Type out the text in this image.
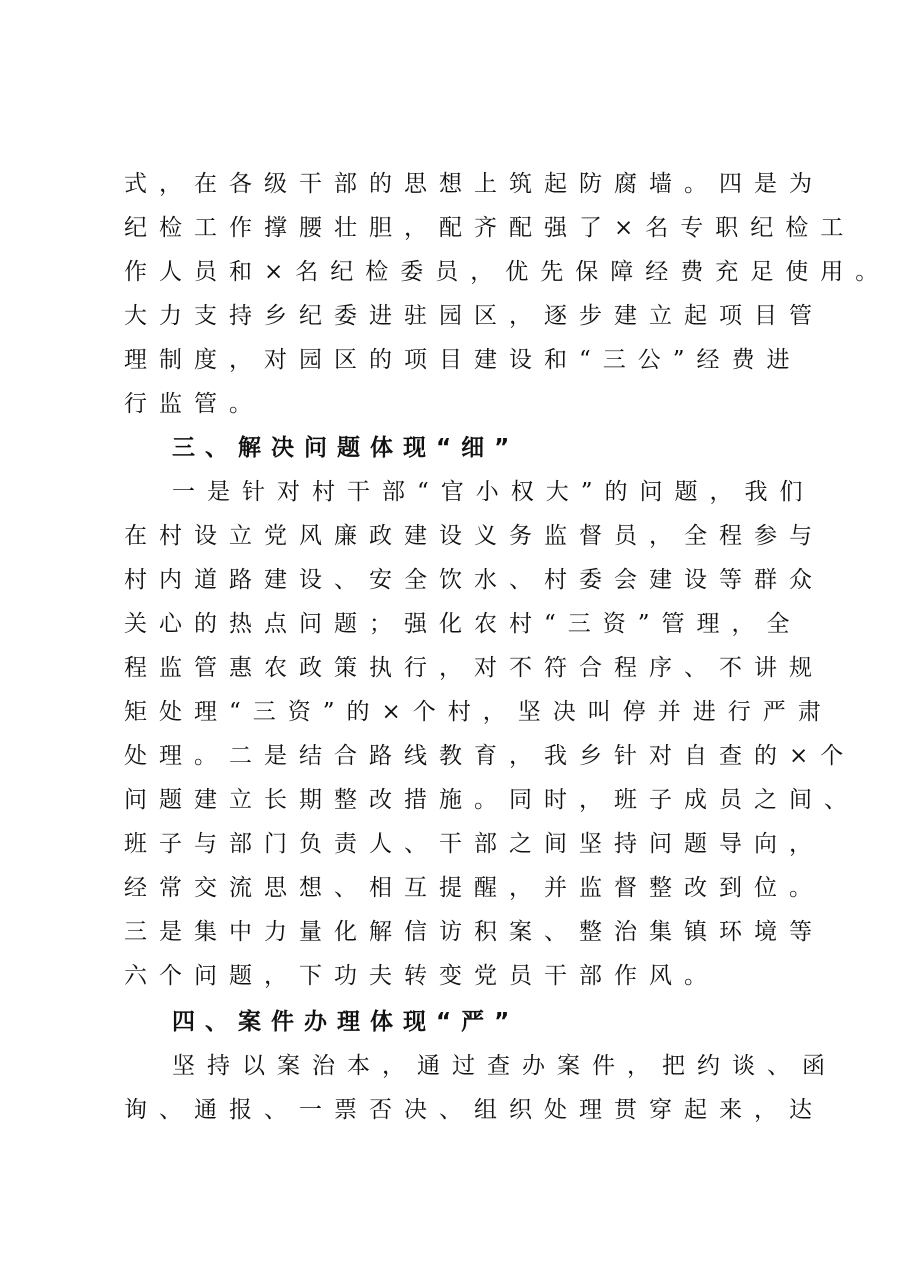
式，在各级干部的思想上筑起防腐墙。四是为
纪检工作撑腰壮胆，配齐配强了×名专职纪检工
作人员和×名纪检委员，优先保障经费充足使用。
大力支持乡纪委进驻园区，逐步建立起项目管
理制度，对园区的项目建设和“三公”经费进
行监管。
三、解决问题体现“细”
一是针对村干部“官小权大”的问题，我们
在村设立党风廉政建设义务监督员，全程参与
村内道路建设、安全饮水、村委会建设等群众
关心的热点问题；强化农村“三资”管理，全
程监管惠农政策执行，对不符合程序、不讲规
矩处理“三资”的×个村，坚决叫停并进行严肃
处理。二是结合路线教育，我乡针对自查的×个
问题建立长期整改措施。同时，班子成员之间、
班子与部门负责人、干部之间坚持问题导向，
经常交流思想、相互提醒，并监督整改到位。
三是集中力量化解信访积案、整治集镇环境等
六个问题，下功夫转变党员干部作风。
四、案件办理体现“严”
坚持以案治本，通过查办案件，把约谈、函
询、通报、一票否决、组织处理贯穿起来，达
